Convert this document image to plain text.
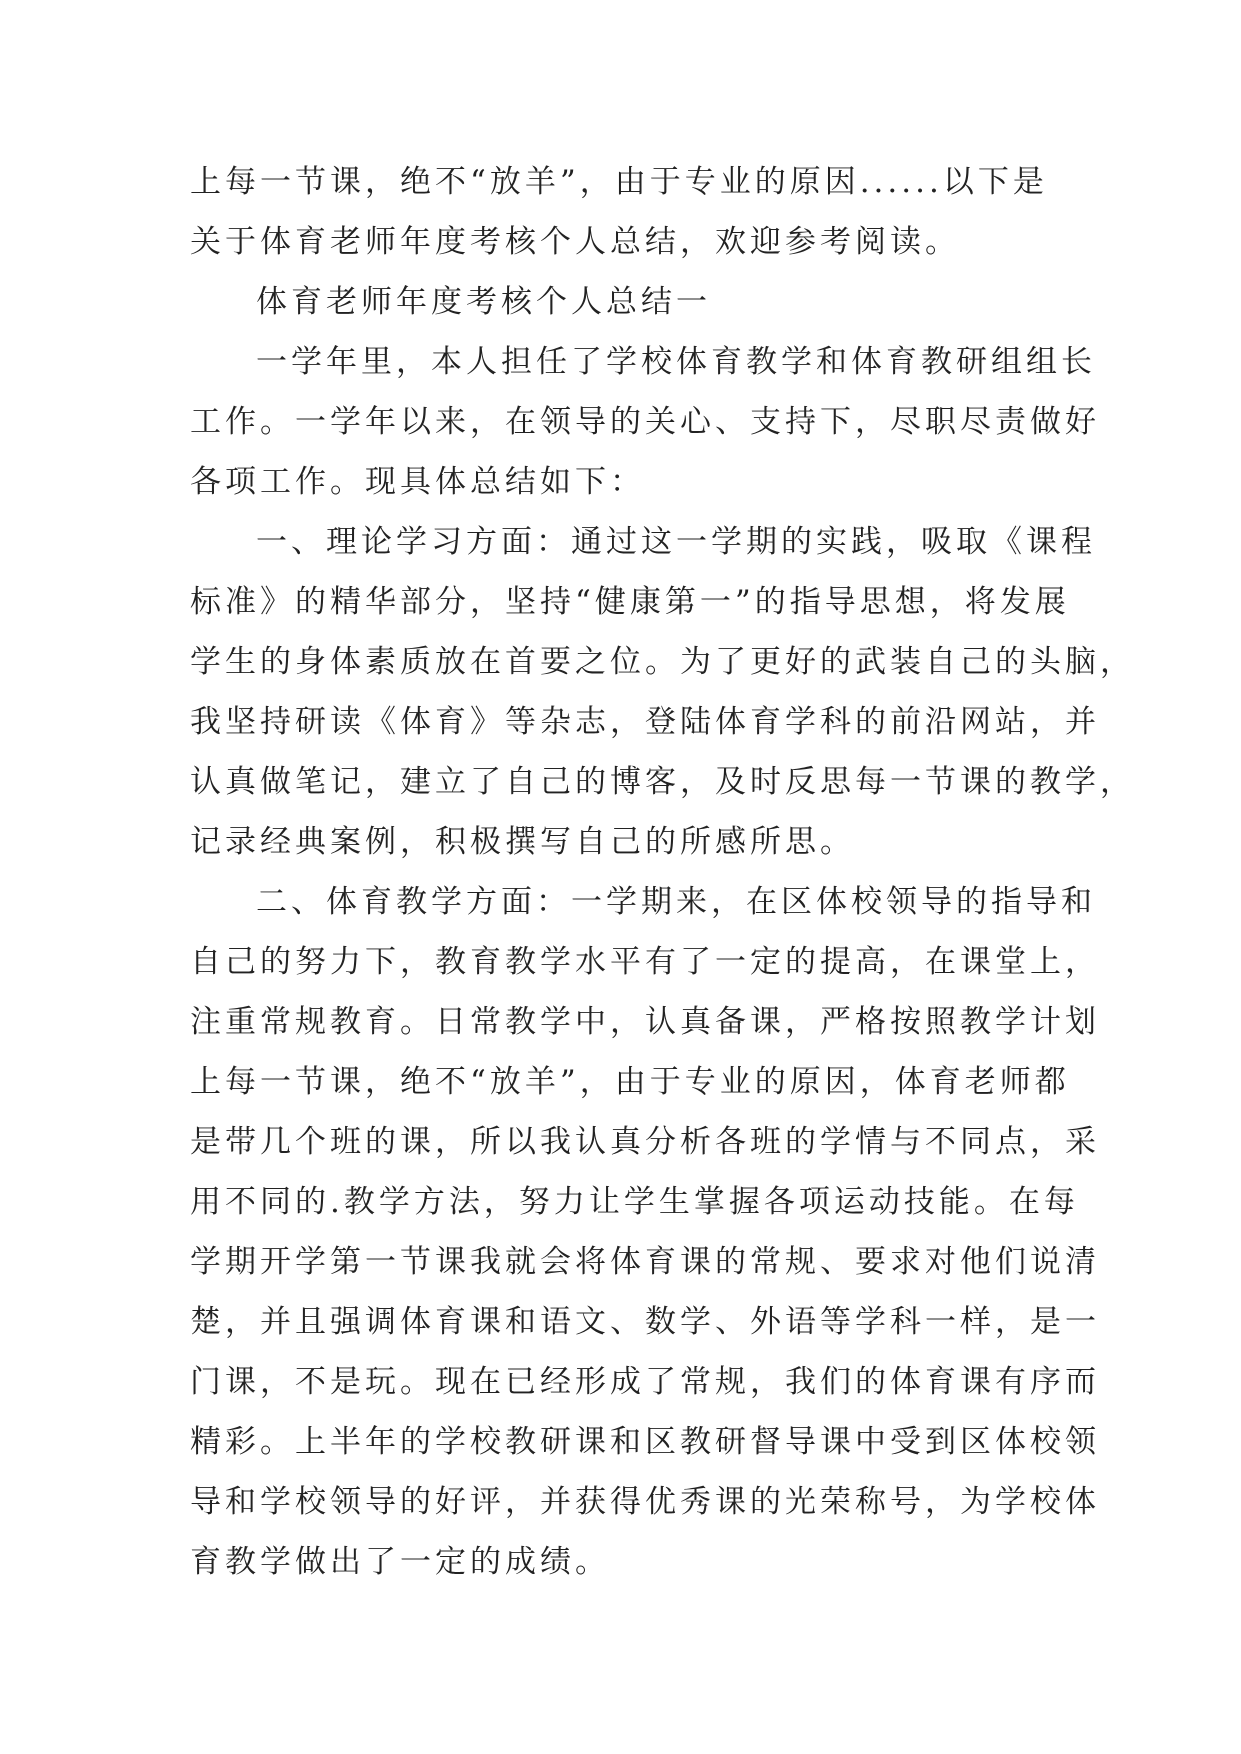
上每一节课，绝不“放羊”，由于专业的原因......以下是
关于体育老师年度考核个人总结，欢迎参考阅读。
体育老师年度考核个人总结一
一学年里，本人担任了学校体育教学和体育教研组组长
工作。一学年以来，在领导的关心、支持下，尽职尽责做好
各项工作。现具体总结如下：
一、理论学习方面：通过这一学期的实践，吸取《课程
标准》的精华部分，坚持“健康第一”的指导思想，将发展
学生的身体素质放在首要之位。为了更好的武装自己的头脑，
我坚持研读《体育》等杂志，登陆体育学科的前沿网站，并
认真做笔记，建立了自己的博客，及时反思每一节课的教学，
记录经典案例，积极撰写自己的所感所思。
二、体育教学方面：一学期来，在区体校领导的指导和
自己的努力下，教育教学水平有了一定的提高，在课堂上，
注重常规教育。日常教学中，认真备课，严格按照教学计划
上每一节课，绝不“放羊”，由于专业的原因，体育老师都
是带几个班的课，所以我认真分析各班的学情与不同点，采
用不同的.教学方法，努力让学生掌握各项运动技能。在每
学期开学第一节课我就会将体育课的常规、要求对他们说清
楚，并且强调体育课和语文、数学、外语等学科一样，是一
门课，不是玩。现在已经形成了常规，我们的体育课有序而
精彩。上半年的学校教研课和区教研督导课中受到区体校领
导和学校领导的好评，并获得优秀课的光荣称号，为学校体
育教学做出了一定的成绩。
